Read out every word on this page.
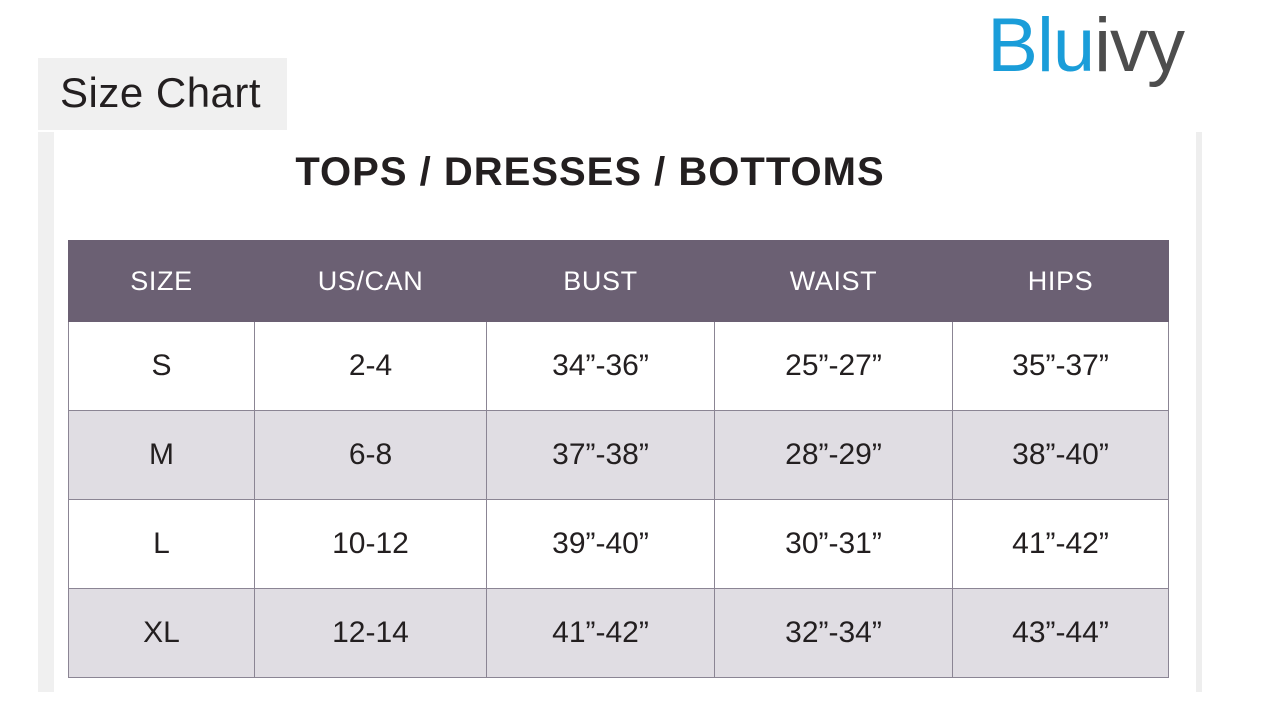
Bluivy
Size Chart
TOPS / DRESSES / BOTTOMS
SIZE	US/CAN	BUST	WAIST	HIPS
S	2-4	34”-36”	25”-27”	35”-37”
M	6-8	37”-38”	28”-29”	38”-40”
L	10-12	39”-40”	30”-31”	41”-42”
XL	12-14	41”-42”	32”-34”	43”-44”
